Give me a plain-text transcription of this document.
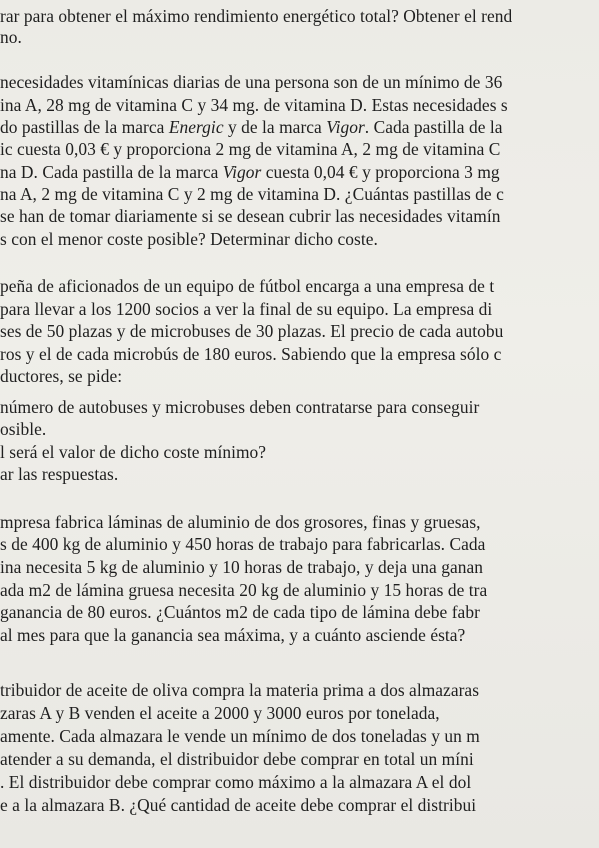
rar para obtener el máximo rendimiento energético total? Obtener el rend
no.
necesidades vitamínicas diarias de una persona son de un mínimo de 36
ina A, 28 mg de vitamina C y 34 mg. de vitamina D. Estas necesidades s
do pastillas de la marca Energic y de la marca Vigor. Cada pastilla de la
ic cuesta 0,03 € y proporciona 2 mg de vitamina A, 2 mg de vitamina C
na D. Cada pastilla de la marca Vigor cuesta 0,04 € y proporciona 3 mg
na A, 2 mg de vitamina C y 2 mg de vitamina D. ¿Cuántas pastillas de c
se han de tomar diariamente si se desean cubrir las necesidades vitamín
s con el menor coste posible? Determinar dicho coste.
peña de aficionados de un equipo de fútbol encarga a una empresa de t
para llevar a los 1200 socios a ver la final de su equipo. La empresa di
ses de 50 plazas y de microbuses de 30 plazas. El precio de cada autobu
ros y el de cada microbús de 180 euros. Sabiendo que la empresa sólo c
ductores, se pide:
número de autobuses y microbuses deben contratarse para conseguir
osible.
l será el valor de dicho coste mínimo?
ar las respuestas.
mpresa fabrica láminas de aluminio de dos grosores, finas y gruesas,
s de 400 kg de aluminio y 450 horas de trabajo para fabricarlas. Cada
ina necesita 5 kg de aluminio y 10 horas de trabajo, y deja una ganan
ada m2 de lámina gruesa necesita 20 kg de aluminio y 15 horas de tra
ganancia de 80 euros. ¿Cuántos m2 de cada tipo de lámina debe fabr
al mes para que la ganancia sea máxima, y a cuánto asciende ésta?
tribuidor de aceite de oliva compra la materia prima a dos almazaras
zaras A y B venden el aceite a 2000 y 3000 euros por tonelada,
amente. Cada almazara le vende un mínimo de dos toneladas y un m
atender a su demanda, el distribuidor debe comprar en total un míni
. El distribuidor debe comprar como máximo a la almazara A el dol
e a la almazara B. ¿Qué cantidad de aceite debe comprar el distribui
